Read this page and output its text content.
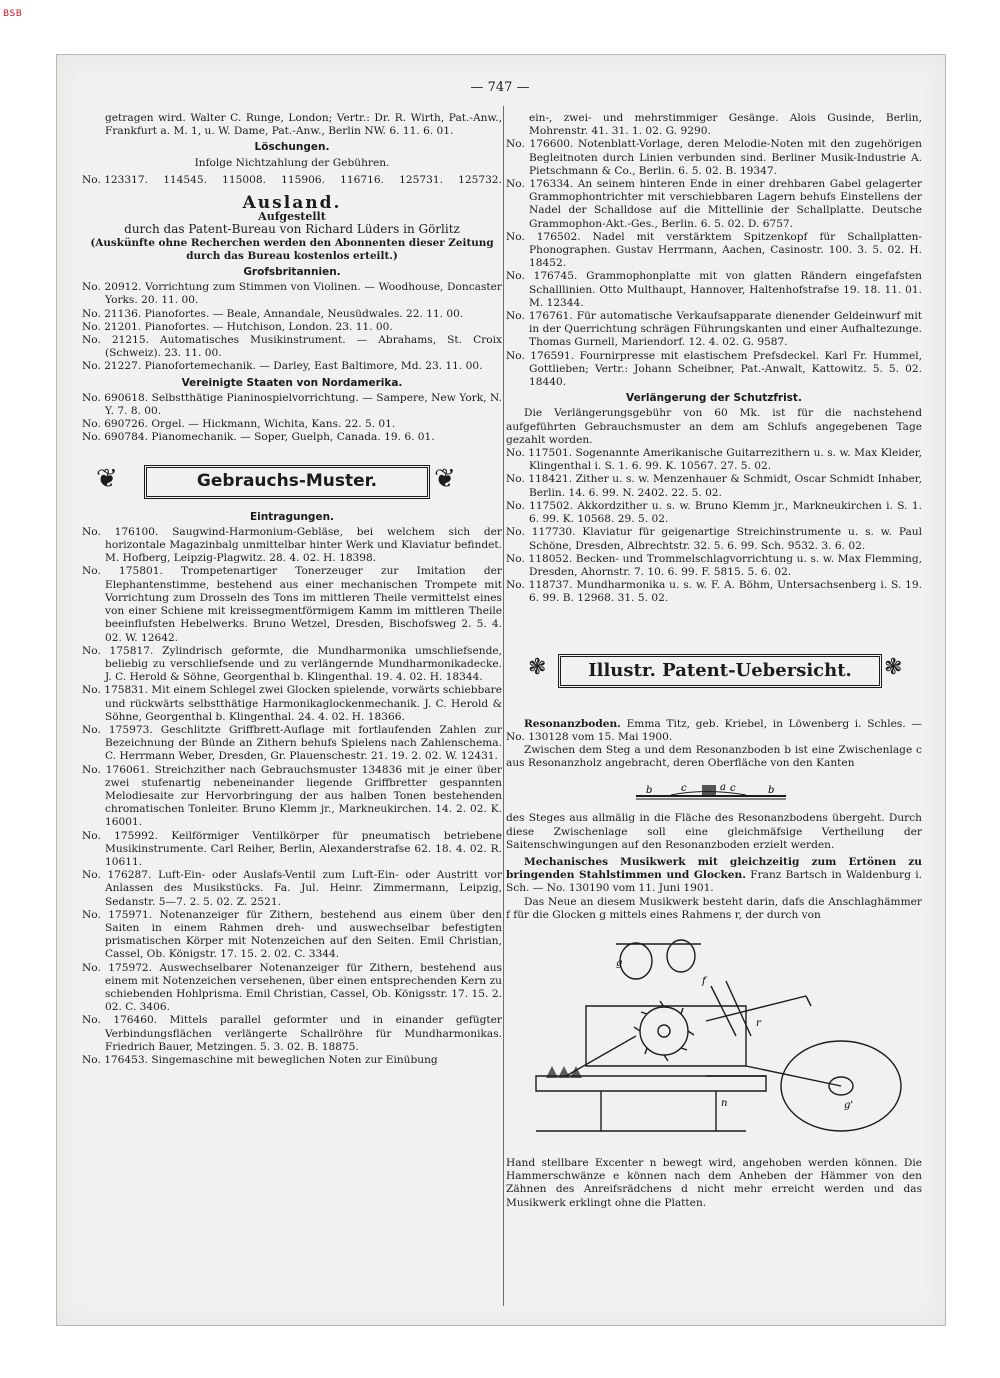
BSB
— 747 —

getragen wird. Walter C. Runge, London; Vertr.: Dr. R. Wirth, Pat.-Anw., Frankfurt a. M. 1, u. W. Dame, Pat.-Anw., Berlin NW. 6. 11. 6. 01.

Löschungen.

Infolge Nichtzahlung der Gebühren.

No. 123317. 114545. 115008. 115906. 116716. 125731. 125732.

Ausland.

Aufgestellt

durch das Patent-Bureau von Richard Lüders in Görlitz

(Auskünfte ohne Recherchen werden den Abonnenten dieser Zeitung durch das Bureau kostenlos erteilt.)

Grofsbritannien.

No. 20912. Vorrichtung zum Stimmen von Violinen. — Woodhouse, Doncaster Yorks. 20. 11. 00.

No. 21136. Pianofortes. — Beale, Annandale, Neusüdwales. 22. 11. 00.

No. 21201. Pianofortes. — Hutchison, London. 23. 11. 00.

No. 21215. Automatisches Musikinstrument. — Abrahams, St. Croix (Schweiz). 23. 11. 00.

No. 21227. Pianofortemechanik. — Darley, East Baltimore, Md. 23. 11. 00.

Vereinigte Staaten von Nordamerika.

No. 690618. Selbstthätige Pianinospielvorrichtung. — Sampere, New York, N. Y. 7. 8. 00.

No. 690726. Orgel. — Hickmann, Wichita, Kans. 22. 5. 01.

No. 690784. Pianomechanik. — Soper, Guelph, Canada. 19. 6. 01.

❦	Gebrauchs-Muster.	❦

Eintragungen.

No. 176100. Saugwind-Harmonium-Gebläse, bei welchem sich der horizontale Magazinbalg unmittelbar hinter Werk und Klaviatur befindet. M. Hofberg, Leipzig-Plagwitz. 28. 4. 02. H. 18398.

No. 175801. Trompetenartiger Tonerzeuger zur Imitation der Elephantenstimme, bestehend aus einer mechanischen Trompete mit Vorrichtung zum Drosseln des Tons im mittleren Theile vermittelst eines von einer Schiene mit kreissegmentförmigem Kamm im mittleren Theile beeinflufsten Hebelwerks. Bruno Wetzel, Dresden, Bischofsweg 2. 5. 4. 02. W. 12642.

No. 175817. Zylindrisch geformte, die Mundharmonika umschliefsende, beliebig zu verschliefsende und zu verlängernde Mundharmonikadecke. J. C. Herold & Söhne, Georgenthal b. Klingenthal. 19. 4. 02. H. 18344.

No. 175831. Mit einem Schlegel zwei Glocken spielende, vorwärts schiebbare und rückwärts selbstthätige Harmonikaglockenmechanik. J. C. Herold & Söhne, Georgenthal b. Klingenthal. 24. 4. 02. H. 18366.

No. 175973. Geschlitzte Griffbrett-Auflage mit fortlaufenden Zahlen zur Bezeichnung der Bünde an Zithern behufs Spielens nach Zahlenschema. C. Herrmann Weber, Dresden, Gr. Plauenschestr. 21. 19. 2. 02. W. 12431.

No. 176061. Streichzither nach Gebrauchsmuster 134836 mit je einer über zwei stufenartig nebeneinander liegende Griffbretter gespannten Melodiesaite zur Hervorbringung der aus halben Tonen bestehenden chromatischen Tonleiter. Bruno Klemm jr., Markneukirchen. 14. 2. 02. K. 16001.

No. 175992. Keilförmiger Ventilkörper für pneumatisch betriebene Musikinstrumente. Carl Reiher, Berlin, Alexanderstrafse 62. 18. 4. 02. R. 10611.

No. 176287. Luft-Ein- oder Auslafs-Ventil zum Luft-Ein- oder Austritt vor Anlassen des Musikstücks. Fa. Jul. Heinr. Zimmermann, Leipzig, Sedanstr. 5—7. 2. 5. 02. Z. 2521.

No. 175971. Notenanzeiger für Zithern, bestehend aus einem über den Saiten in einem Rahmen dreh- und auswechselbar befestigten prismatischen Körper mit Notenzeichen auf den Seiten. Emil Christian, Cassel, Ob. Königstr. 17. 15. 2. 02. C. 3344.

No. 175972. Auswechselbarer Notenanzeiger für Zithern, bestehend aus einem mit Notenzeichen versehenen, über einen entsprechenden Kern zu schiebenden Hohlprisma. Emil Christian, Cassel, Ob. Königsstr. 17. 15. 2. 02. C. 3406.

No. 176460. Mittels parallel geformter und in einander gefügter Verbindungsflächen verlängerte Schallröhre für Mundharmonikas. Friedrich Bauer, Metzingen. 5. 3. 02. B. 18875.

No. 176453. Singemaschine mit beweglichen Noten zur Einübung

ein-, zwei- und mehrstimmiger Gesänge. Alois Gusinde, Berlin, Mohrenstr. 41. 31. 1. 02. G. 9290.

No. 176600. Notenblatt-Vorlage, deren Melodie-Noten mit den zugehörigen Begleitnoten durch Linien verbunden sind. Berliner Musik-Industrie A. Pietschmann & Co., Berlin. 6. 5. 02. B. 19347.

No. 176334. An seinem hinteren Ende in einer drehbaren Gabel gelagerter Grammophontrichter mit verschiebbaren Lagern behufs Einstellens der Nadel der Schalldose auf die Mittellinie der Schallplatte. Deutsche Grammophon-Akt.-Ges., Berlin. 6. 5. 02. D. 6757.

No. 176502. Nadel mit verstärktem Spitzenkopf für Schallplatten-Phonographen. Gustav Herrmann, Aachen, Casinostr. 100. 3. 5. 02. H. 18452.

No. 176745. Grammophonplatte mit von glatten Rändern eingefafsten Schalllinien. Otto Multhaupt, Hannover, Haltenhofstrafse 19. 18. 11. 01. M. 12344.

No. 176761. Für automatische Verkaufsapparate dienender Geldeinwurf mit in der Querrichtung schrägen Führungskanten und einer Aufhaltezunge. Thomas Gurnell, Mariendorf. 12. 4. 02. G. 9587.

No. 176591. Fournirpresse mit elastischem Prefsdeckel. Karl Fr. Hummel, Gottlieben; Vertr.: Johann Scheibner, Pat.-Anwalt, Kattowitz. 5. 5. 02. 18440.

Verlängerung der Schutzfrist.

Die Verlängerungsgebühr von 60 Mk. ist für die nachstehend aufgeführten Gebrauchsmuster an dem am Schlufs angegebenen Tage gezahlt worden.

No. 117501. Sogenannte Amerikanische Guitarrezithern u. s. w. Max Kleider, Klingenthal i. S. 1. 6. 99. K. 10567. 27. 5. 02.

No. 118421. Zither u. s. w. Menzenhauer & Schmidt, Oscar Schmidt Inhaber, Berlin. 14. 6. 99. N. 2402. 22. 5. 02.

No. 117502. Akkordzither u. s. w. Bruno Klemm jr., Markneukirchen i. S. 1. 6. 99. K. 10568. 29. 5. 02.

No. 117730. Klaviatur für geigenartige Streichinstrumente u. s. w. Paul Schöne, Dresden, Albrechtstr. 32. 5. 6. 99. Sch. 9532. 3. 6. 02.

No. 118052. Becken- und Trommelschlagvorrichtung u. s. w. Max Flemming, Dresden, Ahornstr. 7. 10. 6. 99. F. 5815. 5. 6. 02.

No. 118737. Mundharmonika u. s. w. F. A. Böhm, Untersachsenberg i. S. 19. 6. 99. B. 12968. 31. 5. 02.

❃	Illustr. Patent-Uebersicht.	❃

Resonanzboden. Emma Titz, geb. Kriebel, in Löwenberg i. Schles. — No. 130128 vom 15. Mai 1900.

Zwischen dem Steg a und dem Resonanzboden b ist eine Zwischenlage c aus Resonanzholz angebracht, deren Oberfläche von den Kanten

b	c	a c	b

des Steges aus allmälig in die Fläche des Resonanzbodens übergeht. Durch diese Zwischenlage soll eine gleichmäfsige Vertheilung der Saitenschwingungen auf den Resonanzboden erzielt werden.

Mechanisches Musikwerk mit gleichzeitig zum Ertönen zu bringenden Stahlstimmen und Glocken. Franz Bartsch in Waldenburg i. Sch. — No. 130190 vom 11. Juni 1901.

Das Neue an diesem Musikwerk besteht darin, dafs die Anschlaghämmer f für die Glocken g mittels eines Rahmens r, der durch von

g
f
r
n	g'

Hand stellbare Excenter n bewegt wird, angehoben werden können. Die Hammerschwänze e können nach dem Anheben der Hämmer von den Zähnen des Anreifsrädchens d nicht mehr erreicht werden und das Musikwerk erklingt ohne die Platten.
